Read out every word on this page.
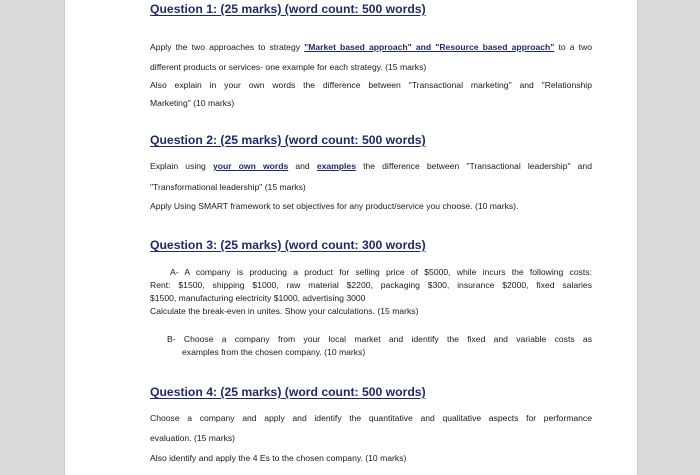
Question 1: (25 marks) (word count: 500 words)

Apply the two approaches to strategy "Market based approach" and "Resource based approach" to a two

different products or services- one example for each strategy. (15 marks)

Also explain in your own words the difference between "Transactional marketing" and "Relationship

Marketing" (10 marks)

Question 2: (25 marks) (word count: 500 words)

Explain using your own words and examples the difference between "Transactional leadership" and

"Transformational leadership" (15 marks)

Apply Using SMART framework to set objectives for any product/service you choose. (10 marks).

Question 3: (25 marks) (word count: 300 words)

A- A company is producing a product for selling price of $5000, while incurs the following costs:

Rent: $1500, shipping $1000, raw material $2200, packaging $300, insurance $2000, fixed salaries

$1500, manufacturing electricity $1000, advertising 3000

Calculate the break-even in unites. Show your calculations. (15 marks)

B- Choose a company from your local market and identify the fixed and variable costs as

examples from the chosen company. (10 marks)

Question 4: (25 marks) (word count: 500 words)

Choose a company and apply and identify the quantitative and qualitative aspects for performance

evaluation. (15 marks)

Also identify and apply the 4 Es to the chosen company. (10 marks)
